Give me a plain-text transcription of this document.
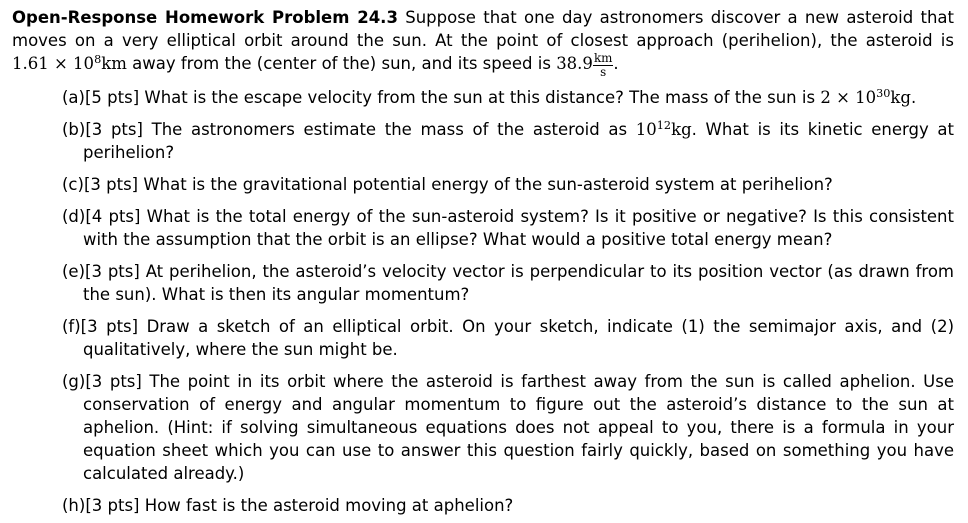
Open-Response Homework Problem 24.3 Suppose that one day astronomers discover a new asteroid that moves on a very elliptical orbit around the sun. At the point of closest approach (perihelion), the asteroid is $1.61 \times 10^8km$ away from the (center of the) sun, and its speed is $38.9 \frac{km}{s}$ .

(a)[5 pts] What is the escape velocity from the sun at this distance? The mass of the sun is $2 \times 10^{30}kg$.
(b)[3 pts] The astronomers estimate the mass of the asteroid as $10^{12}kg$. What is its kinetic energy at perihelion?
(c)[3 pts] What is the gravitational potential energy of the sun-asteroid system at perihelion?
(d)[4 pts] What is the total energy of the sun-asteroid system? Is it positive or negative? Is this consistent with the assumption that the orbit is an ellipse? What would a positive total energy mean?
(e)[3 pts] At perihelion, the asteroid’s velocity vector is perpendicular to its position vector (as drawn from the sun). What is then its angular momentum?
(f)[3 pts] Draw a sketch of an elliptical orbit. On your sketch, indicate (1) the semimajor axis, and (2) qualitatively, where the sun might be.
(g)[3 pts] The point in its orbit where the asteroid is farthest away from the sun is called aphelion. Use conservation of energy and angular momentum to figure out the asteroid’s distance to the sun at aphelion. (Hint: if solving simultaneous equations does not appeal to you, there is a formula in your equation sheet which you can use to answer this question fairly quickly, based on something you have calculated already.)
(h)[3 pts] How fast is the asteroid moving at aphelion?
